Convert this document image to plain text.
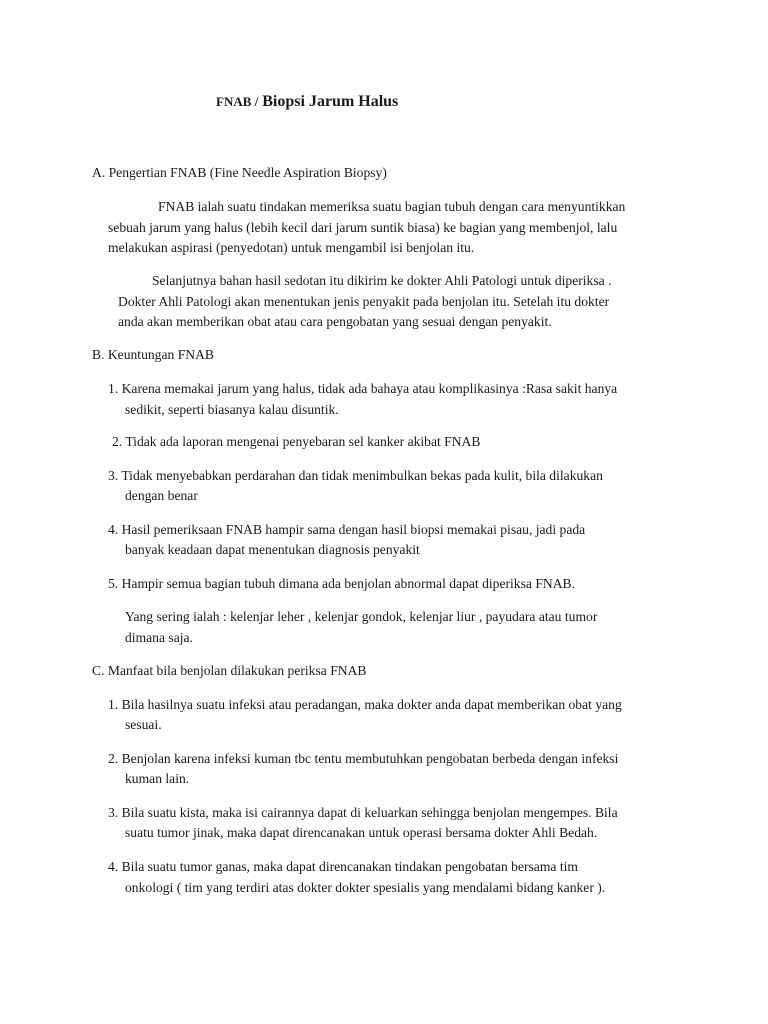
FNAB / Biopsi Jarum Halus
A. Pengertian FNAB (Fine Needle Aspiration Biopsy)
FNAB ialah suatu tindakan memeriksa suatu bagian tubuh dengan cara menyuntikkan
sebuah jarum yang halus (lebih kecil dari jarum suntik biasa) ke bagian yang membenjol, lalu
melakukan aspirasi (penyedotan) untuk mengambil isi benjolan itu.
Selanjutnya bahan hasil sedotan itu dikirim ke dokter Ahli Patologi untuk diperiksa .
Dokter Ahli Patologi akan menentukan jenis penyakit pada benjolan itu. Setelah itu dokter
anda akan memberikan obat atau cara pengobatan yang sesuai dengan penyakit.
B. Keuntungan FNAB
1. Karena memakai jarum yang halus, tidak ada bahaya atau komplikasinya :Rasa sakit hanya
sedikit, seperti biasanya kalau disuntik.
2. Tidak ada laporan mengenai penyebaran sel kanker akibat FNAB
3. Tidak menyebabkan perdarahan dan tidak menimbulkan bekas pada kulit, bila dilakukan
dengan benar
4. Hasil pemeriksaan FNAB hampir sama dengan hasil biopsi memakai pisau, jadi pada
banyak keadaan dapat menentukan diagnosis penyakit
5. Hampir semua bagian tubuh dimana ada benjolan abnormal dapat diperiksa FNAB.
Yang sering ialah : kelenjar leher , kelenjar gondok, kelenjar liur , payudara atau tumor
dimana saja.
C. Manfaat bila benjolan dilakukan periksa FNAB
1. Bila hasilnya suatu infeksi atau peradangan, maka dokter anda dapat memberikan obat yang
sesuai.
2. Benjolan karena infeksi kuman tbc tentu membutuhkan pengobatan berbeda dengan infeksi
kuman lain.
3. Bila suatu kista, maka isi cairannya dapat di keluarkan sehingga benjolan mengempes. Bila
suatu tumor jinak, maka dapat direncanakan untuk operasi bersama dokter Ahli Bedah.
4. Bila suatu tumor ganas, maka dapat direncanakan tindakan pengobatan bersama tim
onkologi ( tim yang terdiri atas dokter dokter spesialis yang mendalami bidang kanker ).
